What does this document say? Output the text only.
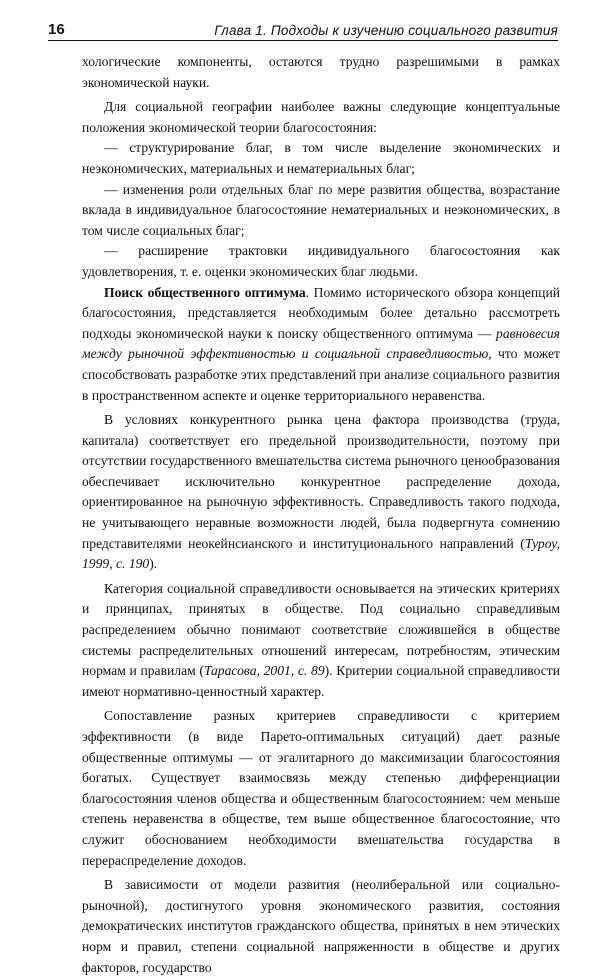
16	Глава 1. Подходы к изучению социального развития

хологические компоненты, остаются трудно разрешимыми в рамках экономической науки.

Для социальной географии наиболее важны следующие концептуальные положения экономической теории благосостояния:

— структурирование благ, в том числе выделение экономических и неэкономических, материальных и нематериальных благ;

— изменения роли отдельных благ по мере развития общества, возрастание вклада в индивидуальное благосостояние нематериальных и неэкономических, в том числе социальных благ;

— расширение трактовки индивидуального благосостояния как удовлетворения, т. е. оценки экономических благ людьми.

Поиск общественного оптимума. Помимо исторического обзора концепций благосостояния, представляется необходимым более детально рассмотреть подходы экономической науки к поиску общественного оптимума — равновесия между рыночной эффективностью и социальной справедливостью, что может способствовать разработке этих представлений при анализе социального развития в пространственном аспекте и оценке территориального неравенства.

В условиях конкурентного рынка цена фактора производства (труда, капитала) соответствует его предельной производительности, поэтому при отсутствии государственного вмешательства система рыночного ценообразования обеспечивает исключительно конкурентное распределение дохода, ориентированное на рыночную эффективность. Справедливость такого подхода, не учитывающего неравные возможности людей, была подвергнута сомнению представителями неокейнсианского и институционального направлений (Туроу, 1999, с. 190).

Категория социальной справедливости основывается на этических критериях и принципах, принятых в обществе. Под социально справедливым распределением обычно понимают соответствие сложившейся в обществе системы распределительных отношений интересам, потребностям, этическим нормам и правилам (Тарасова, 2001, с. 89). Критерии социальной справедливости имеют нормативно-ценностный характер.

Сопоставление разных критериев справедливости с критерием эффективности (в виде Парето-оптимальных ситуаций) дает разные общественные оптимумы — от эгалитарного до максимизации благосостояния богатых. Существует взаимосвязь между степенью дифференциации благосостояния членов общества и общественным благосостоянием: чем меньше степень неравенства в обществе, тем выше общественное благосостояние, что служит обоснованием необходимости вмешательства государства в перераспределение доходов.

В зависимости от модели развития (неолиберальной или социально-рыночной), достигнутого уровня экономического развития, состояния демократических институтов гражданского общества, принятых в нем этических норм и правил, степени социальной напряженности в обществе и других факторов, государство
